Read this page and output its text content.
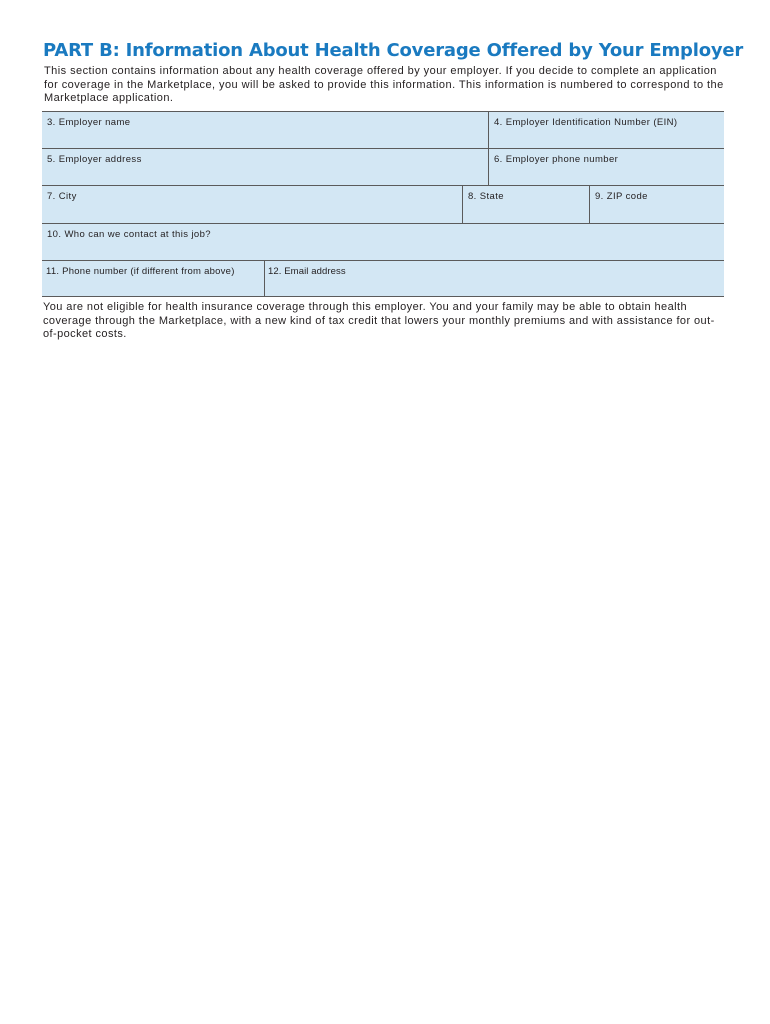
PART B: Information About Health Coverage Offered by Your Employer

This section contains information about any health coverage offered by your employer. If you decide to complete an application for coverage in the Marketplace, you will be asked to provide this information. This information is numbered to correspond to the Marketplace application.

3. Employer name	4. Employer Identification Number (EIN)
5. Employer address	6. Employer phone number
7. City	8. State	9. ZIP code
10. Who can we contact at this job?
11. Phone number (if different from above)	12. Email address

You are not eligible for health insurance coverage through this employer. You and your family may be able to obtain health coverage through the Marketplace, with a new kind of tax credit that lowers your monthly premiums and with assistance for out-of-pocket costs.
